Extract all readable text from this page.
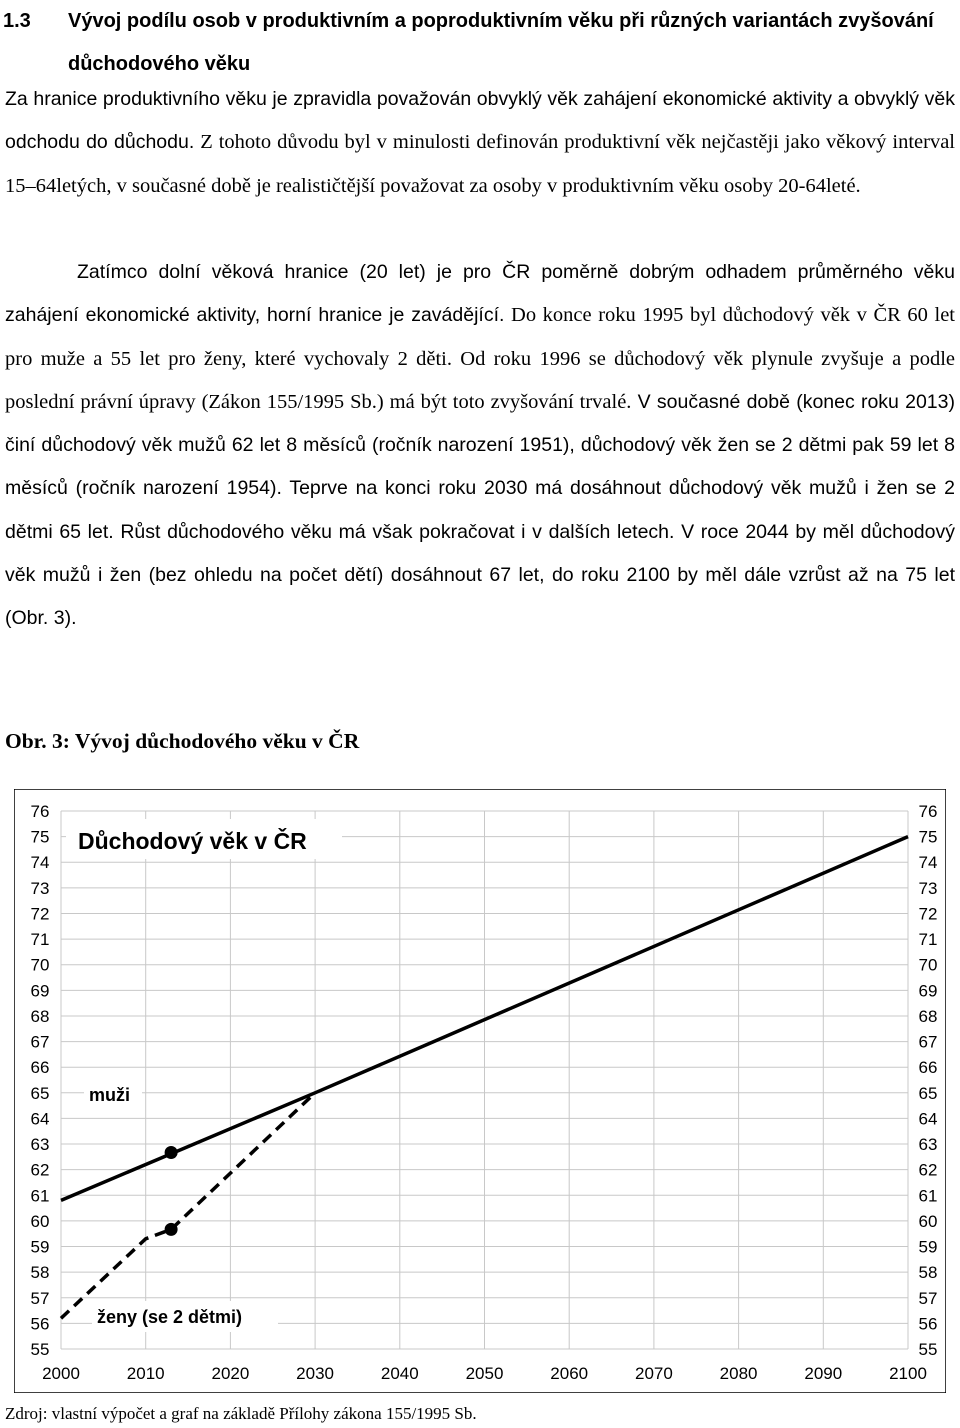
1.3 Vývoj podílu osob v produktivním a poproduktivním věku při různých variantách zvyšování důchodového věku
Za hranice produktivního věku je zpravidla považován obvyklý věk zahájení ekonomické aktivity a obvyklý věk odchodu do důchodu. Z tohoto důvodu byl v minulosti definován produktivní věk nejčastěji jako věkový interval 15–64letých, v současné době je realističtější považovat za osoby v produktivním věku osoby 20-64leté.
Zatímco dolní věková hranice (20 let) je pro ČR poměrně dobrým odhadem průměrného věku zahájení ekonomické aktivity, horní hranice je zavádějící. Do konce roku 1995 byl důchodový věk v ČR 60 let pro muže a 55 let pro ženy, které vychovaly 2 děti. Od roku 1996 se důchodový věk plynule zvyšuje a podle poslední právní úpravy (Zákon 155/1995 Sb.) má být toto zvyšování trvalé. V současné době (konec roku 2013) činí důchodový věk mužů 62 let 8 měsíců (ročník narození 1951), důchodový věk žen se 2 dětmi pak 59 let 8 měsíců (ročník narození 1954). Teprve na konci roku 2030 má dosáhnout důchodový věk mužů i žen se 2 dětmi 65 let. Růst důchodového věku má však pokračovat i v dalších letech. V roce 2044 by měl důchodový věk mužů i žen (bez ohledu na počet dětí) dosáhnout 67 let, do roku 2100 by měl dále vzrůst až na 75 let (Obr. 3).
Obr. 3: Vývoj důchodového věku v ČR
55	55
56	56
57	57
58	58
59	59
60	60
61	61
62	62
63	63
64	64
65	65
66	66
67	67
68	68
69	69
70	70
71	71
72	72
73	73
74	74
75	75
76	76
2000	2010	2020	2030	2040	2050	2060	2070	2080	2090	2100
Důchodový věk v ČR
muži
ženy (se 2 dětmi)
Zdroj: vlastní výpočet a graf na základě Přílohy zákona 155/1995 Sb.
